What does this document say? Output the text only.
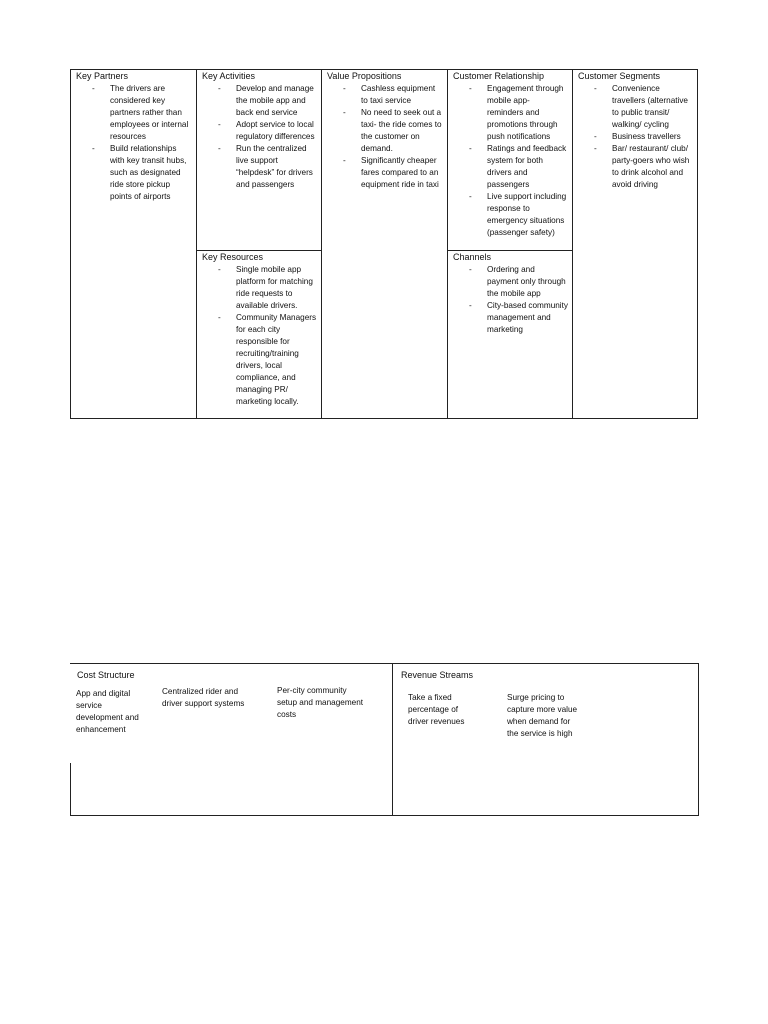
Key Partners
- The drivers are considered key partners rather than employees or internal resources
- Build relationships with key transit hubs, such as designated ride store pickup points of airports
Key Activities
- Develop and manage the mobile app and back end service
- Adopt service to local regulatory differences
- Run the centralized live support “helpdesk” for drivers and passengers
Key Resources
- Single mobile app platform for matching ride requests to available drivers.
- Community Managers for each city responsible for recruiting/training drivers, local compliance, and managing PR/ marketing locally.
Value Propositions
- Cashless equipment to taxi service
- No need to seek out a taxi- the ride comes to the customer on demand.
- Significantly cheaper fares compared to an equipment ride in taxi
Customer Relationship
- Engagement through mobile app- reminders and promotions through push notifications
- Ratings and feedback system for both drivers and passengers
- Live support including response to emergency situations (passenger safety)
Channels
- Ordering and payment only through the mobile app
- City-based community management and marketing
Customer Segments
- Convenience travellers (alternative to public transit/ walking/ cycling
- Business travellers
- Bar/ restaurant/ club/ party-goers who wish to drink alcohol and avoid driving
Cost Structure
App and digital service development and enhancement
Centralized rider and driver support systems
Per-city community setup and management costs
Revenue Streams
Take a fixed percentage of driver revenues
Surge pricing to capture more value when demand for the service is high
